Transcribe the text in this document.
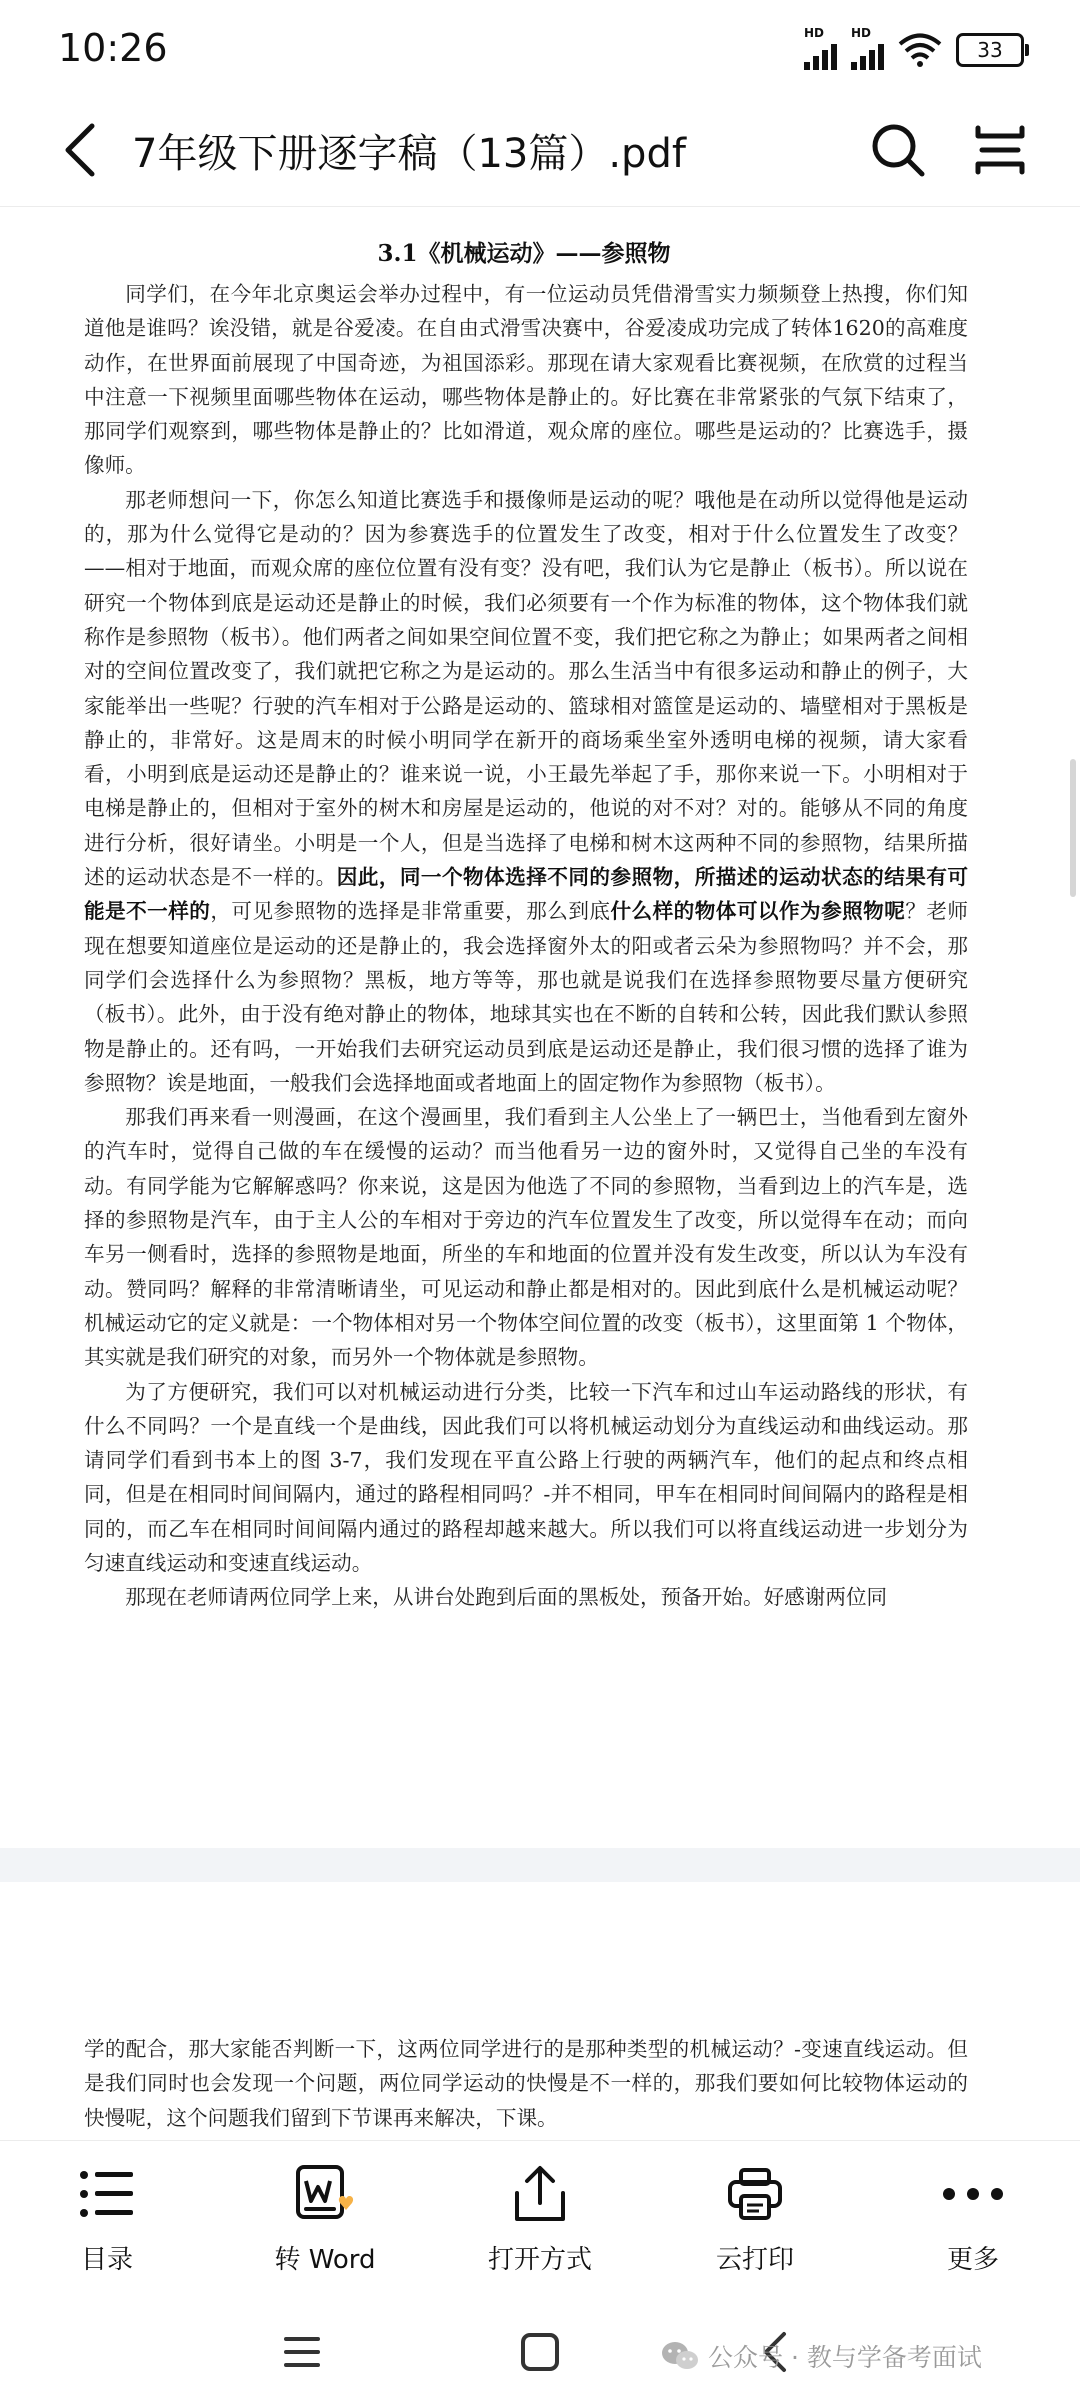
10:26	HD HD
33
7年级下册逐字稿（13篇）.pdf
3.1《机械运动》——参照物

同学们，在今年北京奥运会举办过程中，有一位运动员凭借滑雪实力频频登上热搜，你们知道他是谁吗？诶没错，就是谷爱凌。在自由式滑雪决赛中，谷爱凌成功完成了转体1620的高难度动作，在世界面前展现了中国奇迹，为祖国添彩。那现在请大家观看比赛视频，在欣赏的过程当中注意一下视频里面哪些物体在运动，哪些物体是静止的。好比赛在非常紧张的气氛下结束了，那同学们观察到，哪些物体是静止的？比如滑道，观众席的座位。哪些是运动的？比赛选手，摄像师。

那老师想问一下，你怎么知道比赛选手和摄像师是运动的呢？哦他是在动所以觉得他是运动的，那为什么觉得它是动的？因为参赛选手的位置发生了改变，相对于什么位置发生了改变？——相对于地面，而观众席的座位位置有没有变？没有吧，我们认为它是静止（板书）。所以说在研究一个物体到底是运动还是静止的时候，我们必须要有一个作为标准的物体，这个物体我们就称作是参照物（板书）。他们两者之间如果空间位置不变，我们把它称之为静止；如果两者之间相对的空间位置改变了，我们就把它称之为是运动的。那么生活当中有很多运动和静止的例子，大家能举出一些呢？行驶的汽车相对于公路是运动的、篮球相对篮筐是运动的、墙壁相对于黑板是静止的，非常好。这是周末的时候小明同学在新开的商场乘坐室外透明电梯的视频，请大家看看，小明到底是运动还是静止的？谁来说一说，小王最先举起了手，那你来说一下。小明相对于电梯是静止的，但相对于室外的树木和房屋是运动的，他说的对不对？对的。能够从不同的角度进行分析，很好请坐。小明是一个人，但是当选择了电梯和树木这两种不同的参照物，结果所描述的运动状态是不一样的。因此，同一个物体选择不同的参照物，所描述的运动状态的结果有可能是不一样的，可见参照物的选择是非常重要，那么到底什么样的物体可以作为参照物呢？老师现在想要知道座位是运动的还是静止的，我会选择窗外太的阳或者云朵为参照物吗？并不会，那同学们会选择什么为参照物？黑板，地方等等，那也就是说我们在选择参照物要尽量方便研究（板书）。此外，由于没有绝对静止的物体，地球其实也在不断的自转和公转，因此我们默认参照物是静止的。还有吗，一开始我们去研究运动员到底是运动还是静止，我们很习惯的选择了谁为参照物？诶是地面，一般我们会选择地面或者地面上的固定物作为参照物（板书）。

那我们再来看一则漫画，在这个漫画里，我们看到主人公坐上了一辆巴士，当他看到左窗外的汽车时，觉得自己做的车在缓慢的运动？而当他看另一边的窗外时，又觉得自己坐的车没有动。有同学能为它解解惑吗？你来说，这是因为他选了不同的参照物，当看到边上的汽车是，选择的参照物是汽车，由于主人公的车相对于旁边的汽车位置发生了改变，所以觉得车在动；而向车另一侧看时，选择的参照物是地面，所坐的车和地面的位置并没有发生改变，所以认为车没有动。赞同吗？解释的非常清晰请坐，可见运动和静止都是相对的。因此到底什么是机械运动呢？机械运动它的定义就是：一个物体相对另一个物体空间位置的改变（板书），这里面第 1 个物体，其实就是我们研究的对象，而另外一个物体就是参照物。

为了方便研究，我们可以对机械运动进行分类，比较一下汽车和过山车运动路线的形状，有什么不同吗？一个是直线一个是曲线，因此我们可以将机械运动划分为直线运动和曲线运动。那请同学们看到书本上的图 3-7，我们发现在平直公路上行驶的两辆汽车，他们的起点和终点相同，但是在相同时间间隔内，通过的路程相同吗？-并不相同，甲车在相同时间间隔内的路程是相同的，而乙车在相同时间间隔内通过的路程却越来越大。所以我们可以将直线运动进一步划分为匀速直线运动和变速直线运动。

那现在老师请两位同学上来，从讲台处跑到后面的黑板处，预备开始。好感谢两位同

学的配合，那大家能否判断一下，这两位同学进行的是那种类型的机械运动？-变速直线运动。但是我们同时也会发现一个问题，两位同学运动的快慢是不一样的，那我们要如何比较物体运动的快慢呢，这个问题我们留到下节课再来解决，下课。

目录	转 Word	打开方式	云打印	更多
公众号 · 教与学备考面试
